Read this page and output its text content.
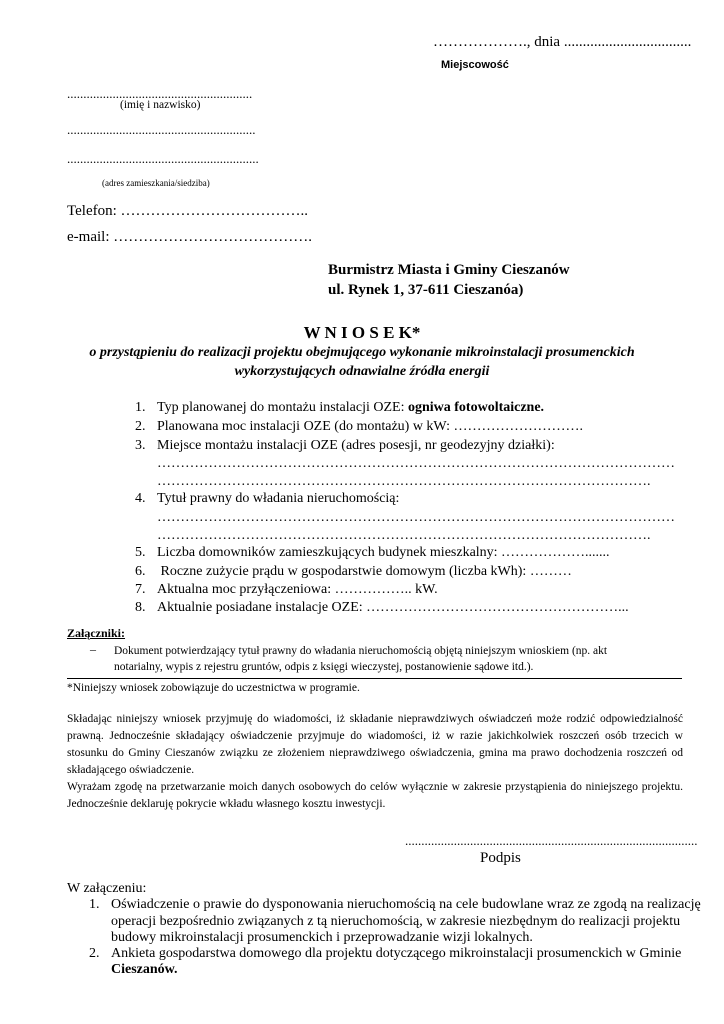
………………., dnia ..................................
Miejscowość
.........................................................
(imię i nazwisko)
..........................................................
...........................................................
(adres zamieszkania/siedziba)
Telefon: ………………………………..
e-mail: ………………………………….
Burmistrz Miasta i Gminy Cieszanów
ul. Rynek 1, 37-611 Cieszanóa)
W N I O S E K*
o przystąpieniu do realizacji projektu obejmującego wykonanie mikroinstalacji prosumenckich
wykorzystujących odnawialne źródła energii
1. Typ planowanej do montażu instalacji OZE: ogniwa fotowoltaiczne.
2. Planowana moc instalacji OZE (do montażu) w kW: ……………………….
3. Miejsce montażu instalacji OZE (adres posesji, nr geodezyjny działki):
…………………………………………………………………………………………………
…………………………………………………………………………………………….
4. Tytuł prawny do władania nieruchomością:
…………………………………………………………………………………………………
…………………………………………………………………………………………….
5. Liczba domowników zamieszkujących budynek mieszkalny: ……………….......
6. Roczne zużycie prądu w gospodarstwie domowym (liczba kWh): ………
7. Aktualna moc przyłączeniowa: …………….. kW.
8. Aktualnie posiadane instalacje OZE: ………………………………………………...
Załączniki:
– Dokument potwierdzający tytuł prawny do władania nieruchomością objętą niniejszym wnioskiem (np. akt
notarialny, wypis z rejestru gruntów, odpis z księgi wieczystej, postanowienie sądowe itd.).
*Niniejszy wniosek zobowiązuje do uczestnictwa w programie.
Składając niniejszy wniosek przyjmuję do wiadomości, iż składanie nieprawdziwych oświadczeń może rodzić odpowiedzialność prawną. Jednocześnie składający oświadczenie przyjmuje do wiadomości, iż w razie jakichkolwiek roszczeń osób trzecich w stosunku do Gminy Cieszanów związku ze złożeniem nieprawdziwego oświadczenia, gmina ma prawo dochodzenia roszczeń od składającego oświadczenie.
Wyrażam zgodę na przetwarzanie moich danych osobowych do celów wyłącznie w zakresie przystąpienia do niniejszego projektu. Jednocześnie deklaruję pokrycie wkładu własnego kosztu inwestycji.
..........................................................................................
Podpis
W załączeniu:
1. Oświadczenie o prawie do dysponowania nieruchomością na cele budowlane wraz ze zgodą na realizację
operacji bezpośrednio związanych z tą nieruchomością, w zakresie niezbędnym do realizacji projektu
budowy mikroinstalacji prosumenckich i przeprowadzanie wizji lokalnych.
2. Ankieta gospodarstwa domowego dla projektu dotyczącego mikroinstalacji prosumenckich w Gminie
Cieszanów.
